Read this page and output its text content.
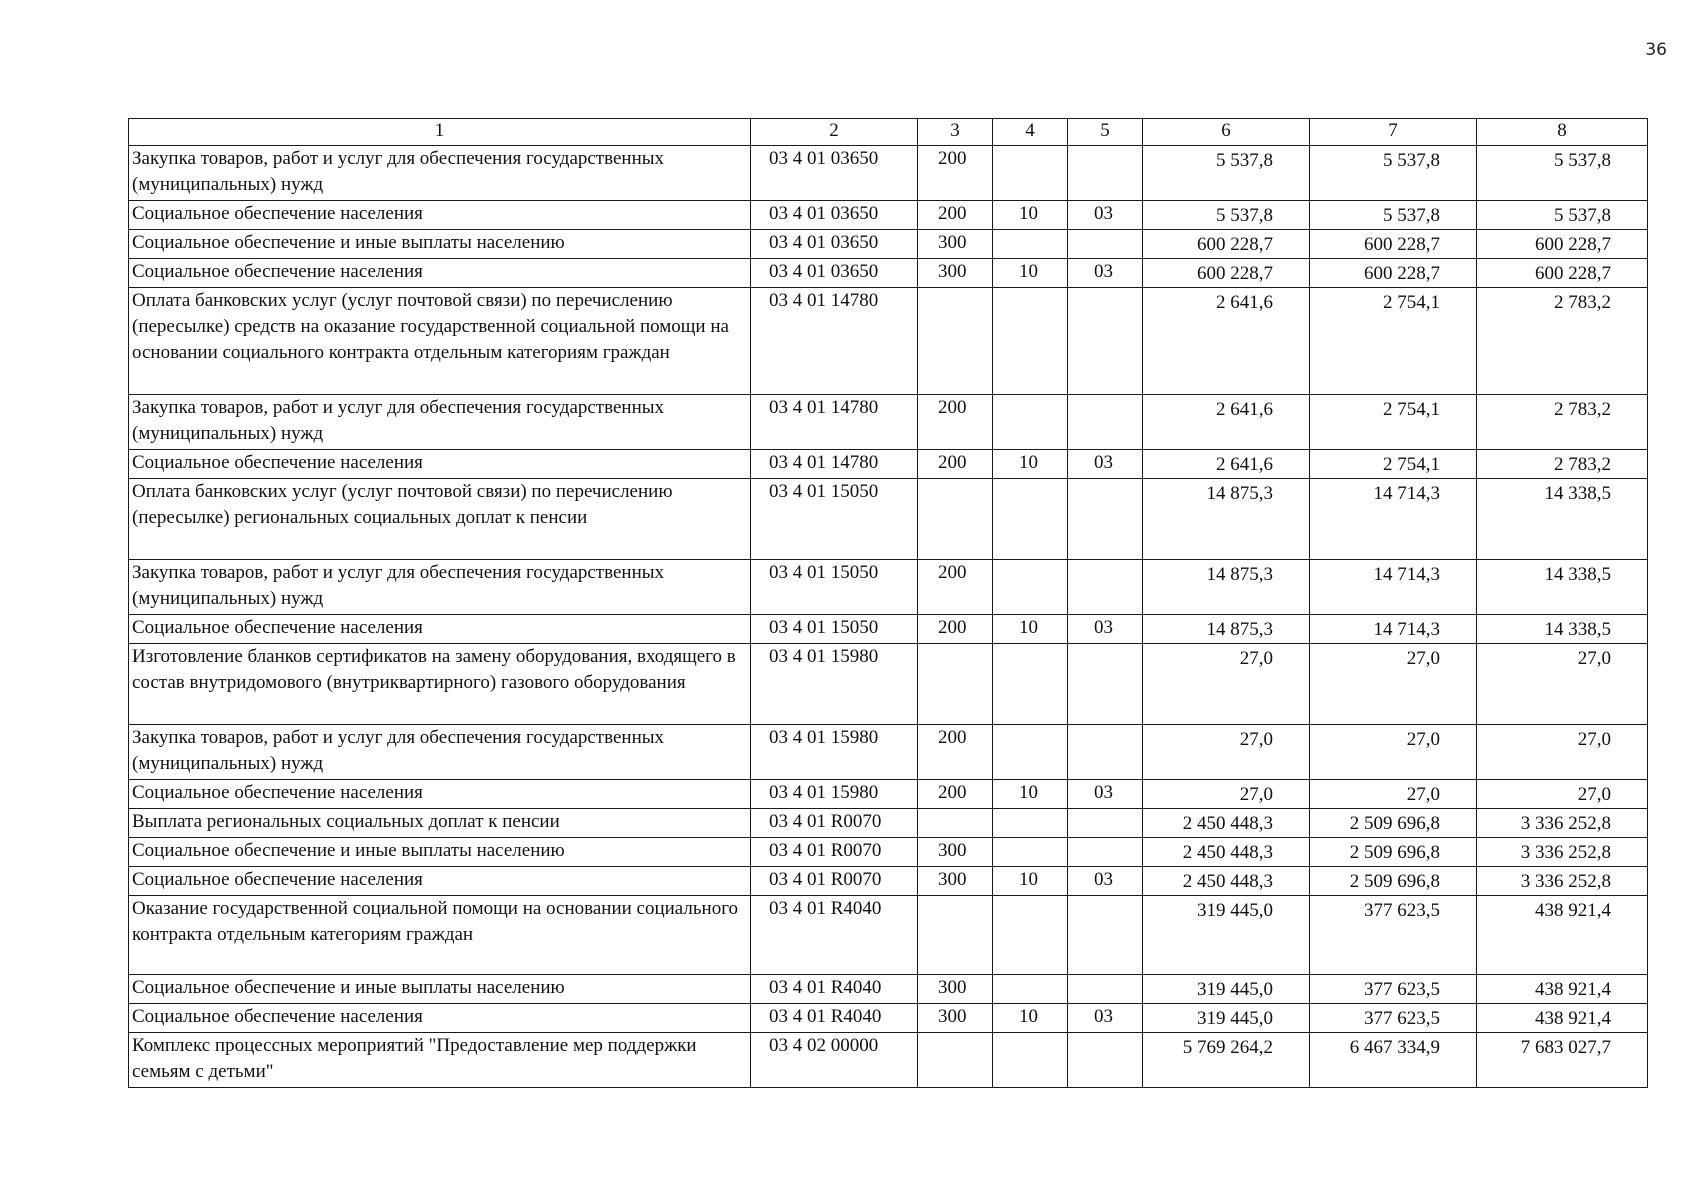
36
1	2	3	4	5	6	7	8
Закупка товаров, работ и услуг для обеспечения государственных (муниципальных) нужд	03 4 01 03650	200			5 537,8	5 537,8	5 537,8
Социальное обеспечение населения	03 4 01 03650	200	10	03	5 537,8	5 537,8	5 537,8
Социальное обеспечение и иные выплаты населению	03 4 01 03650	300			600 228,7	600 228,7	600 228,7
Социальное обеспечение населения	03 4 01 03650	300	10	03	600 228,7	600 228,7	600 228,7
Оплата банковских услуг (услуг почтовой связи) по перечислению (пересылке) средств на оказание государственной социальной помощи на основании социального контракта отдельным категориям граждан	03 4 01 14780				2 641,6	2 754,1	2 783,2
Закупка товаров, работ и услуг для обеспечения государственных (муниципальных) нужд	03 4 01 14780	200			2 641,6	2 754,1	2 783,2
Социальное обеспечение населения	03 4 01 14780	200	10	03	2 641,6	2 754,1	2 783,2
Оплата банковских услуг (услуг почтовой связи) по перечислению (пересылке) региональных социальных доплат к пенсии	03 4 01 15050				14 875,3	14 714,3	14 338,5
Закупка товаров, работ и услуг для обеспечения государственных (муниципальных) нужд	03 4 01 15050	200			14 875,3	14 714,3	14 338,5
Социальное обеспечение населения	03 4 01 15050	200	10	03	14 875,3	14 714,3	14 338,5
Изготовление бланков сертификатов на замену оборудования, входящего в состав внутридомового (внутриквартирного) газового оборудования	03 4 01 15980				27,0	27,0	27,0
Закупка товаров, работ и услуг для обеспечения государственных (муниципальных) нужд	03 4 01 15980	200			27,0	27,0	27,0
Социальное обеспечение населения	03 4 01 15980	200	10	03	27,0	27,0	27,0
Выплата региональных социальных доплат к пенсии	03 4 01 R0070				2 450 448,3	2 509 696,8	3 336 252,8
Социальное обеспечение и иные выплаты населению	03 4 01 R0070	300			2 450 448,3	2 509 696,8	3 336 252,8
Социальное обеспечение населения	03 4 01 R0070	300	10	03	2 450 448,3	2 509 696,8	3 336 252,8
Оказание государственной социальной помощи на основании социального контракта отдельным категориям граждан	03 4 01 R4040				319 445,0	377 623,5	438 921,4
Социальное обеспечение и иные выплаты населению	03 4 01 R4040	300			319 445,0	377 623,5	438 921,4
Социальное обеспечение населения	03 4 01 R4040	300	10	03	319 445,0	377 623,5	438 921,4
Комплекс процессных мероприятий "Предоставление мер поддержки семьям с детьми"	03 4 02 00000				5 769 264,2	6 467 334,9	7 683 027,7
